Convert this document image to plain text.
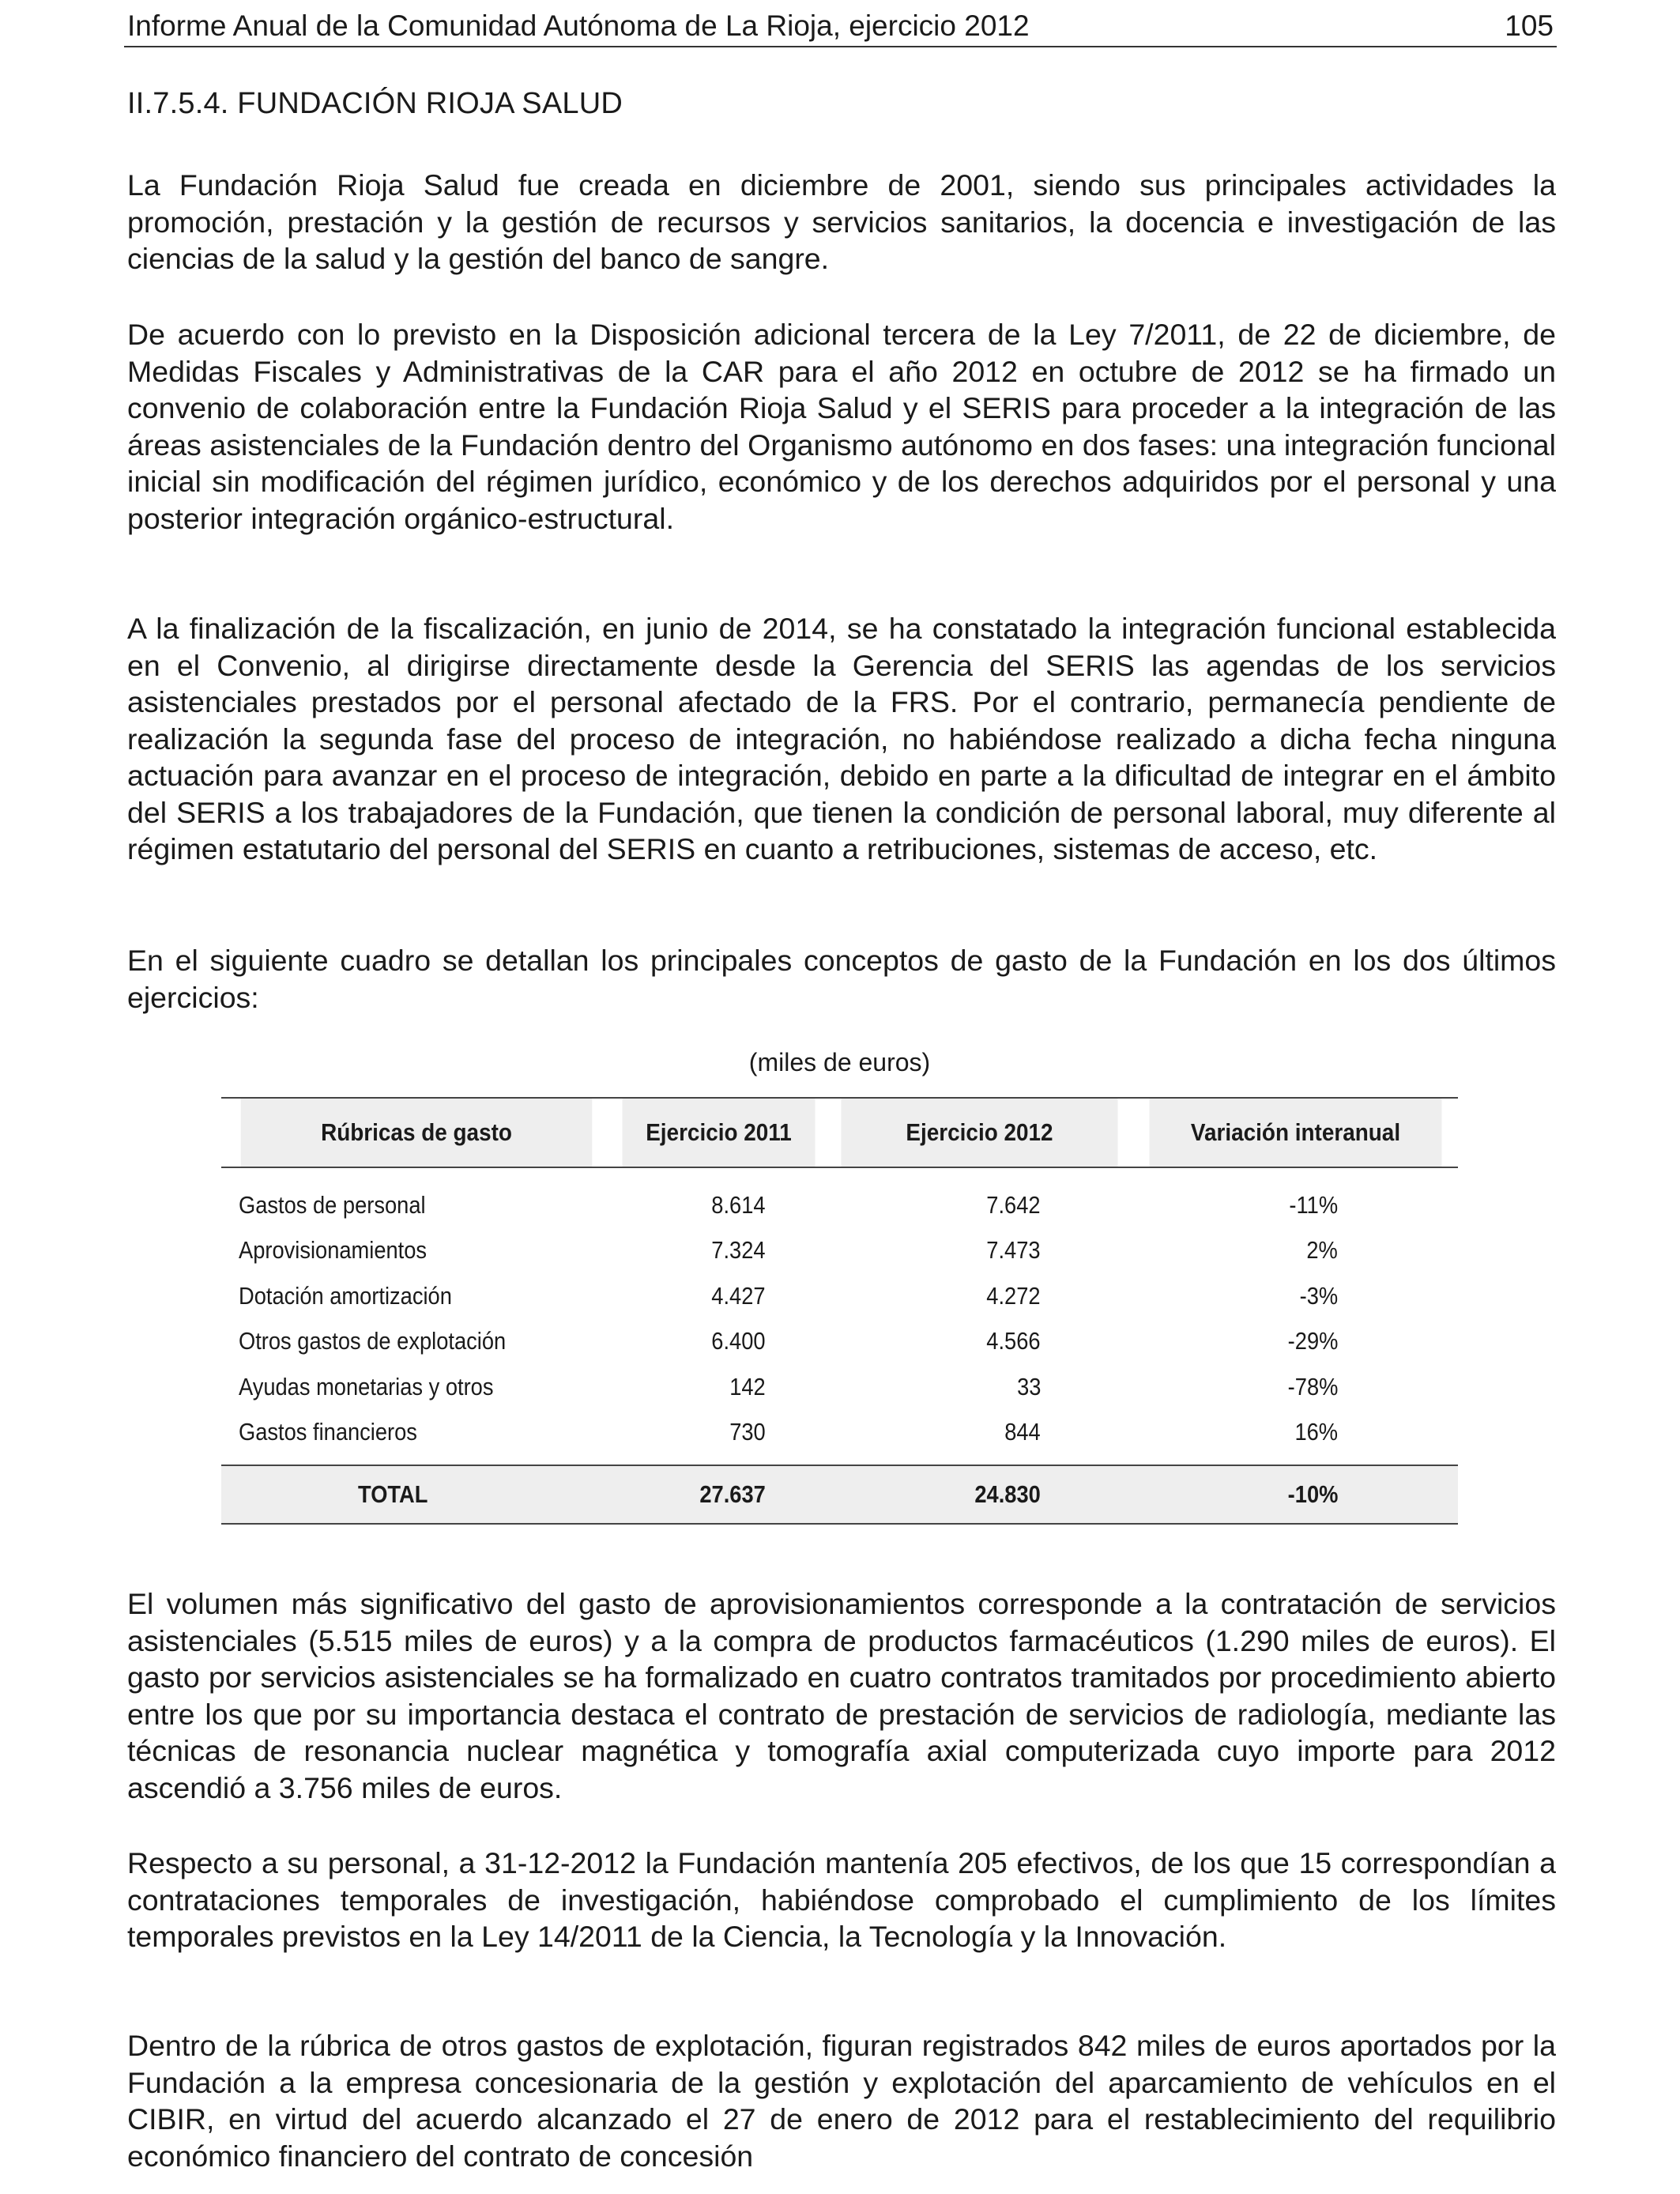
Informe Anual de la Comunidad Autónoma de La Rioja, ejercicio 2012	105
II.7.5.4. FUNDACIÓN RIOJA SALUD

La Fundación Rioja Salud fue creada en diciembre de 2001, siendo sus principales actividades la promoción, prestación y la gestión de recursos y servicios sanitarios, la docencia e investigación de las ciencias de la salud y la gestión del banco de sangre.

De acuerdo con lo previsto en la Disposición adicional tercera de la Ley 7/2011, de 22 de diciembre, de Medidas Fiscales y Administrativas de la CAR para el año 2012 en octubre de 2012 se ha firmado un convenio de colaboración entre la Fundación Rioja Salud y el SERIS para proceder a la integración de las áreas asistenciales de la Fundación dentro del Organismo autónomo en dos fases: una integración funcional inicial sin modificación del régimen jurídico, económico y de los derechos adquiridos por el personal y una posterior integración orgánico-estructural.

A la finalización de la fiscalización, en junio de 2014, se ha constatado la integración funcional establecida en el Convenio, al dirigirse directamente desde la Gerencia del SERIS las agendas de los servicios asistenciales prestados por el personal afectado de la FRS. Por el contrario, permanecía pendiente de realización la segunda fase del proceso de integración, no habiéndose realizado a dicha fecha ninguna actuación para avanzar en el proceso de integración, debido en parte a la dificultad de integrar en el ámbito del SERIS a los trabajadores de la Fundación, que tienen la condición de personal laboral, muy diferente al régimen estatutario del personal del SERIS en cuanto a retribuciones, sistemas de acceso, etc.

En el siguiente cuadro se detallan los principales conceptos de gasto de la Fundación en los dos últimos ejercicios:

(miles de euros)
Rúbricas de gasto	Ejercicio 2011	Ejercicio 2012	Variación interanual

Gastos de personal	8.614	7.642	-11%
Aprovisionamientos	7.324	7.473	2%
Dotación amortización	4.427	4.272	-3%
Otros gastos de explotación	6.400	4.566	-29%
Ayudas monetarias y otros	142	33	-78%
Gastos financieros	730	844	16%

TOTAL	27.637	24.830	-10%

El volumen más significativo del gasto de aprovisionamientos corresponde a la contratación de servicios asistenciales (5.515 miles de euros) y a la compra de productos farmacéuticos (1.290 miles de euros). El gasto por servicios asistenciales se ha formalizado en cuatro contratos tramitados por procedimiento abierto entre los que por su importancia destaca el contrato de prestación de servicios de radiología, mediante las técnicas de resonancia nuclear magnética y tomografía axial computerizada cuyo importe para 2012 ascendió a 3.756 miles de euros.

Respecto a su personal, a 31-12-2012 la Fundación mantenía 205 efectivos, de los que 15 correspondían a contrataciones temporales de investigación, habiéndose comprobado el cumplimiento de los límites temporales previstos en la Ley 14/2011 de la Ciencia, la Tecnología y la Innovación.

Dentro de la rúbrica de otros gastos de explotación, figuran registrados 842 miles de euros aportados por la Fundación a la empresa concesionaria de la gestión y explotación del aparcamiento de vehículos en el CIBIR, en virtud del acuerdo alcanzado el 27 de enero de 2012 para el restablecimiento del requilibrio económico financiero del contrato de concesión
